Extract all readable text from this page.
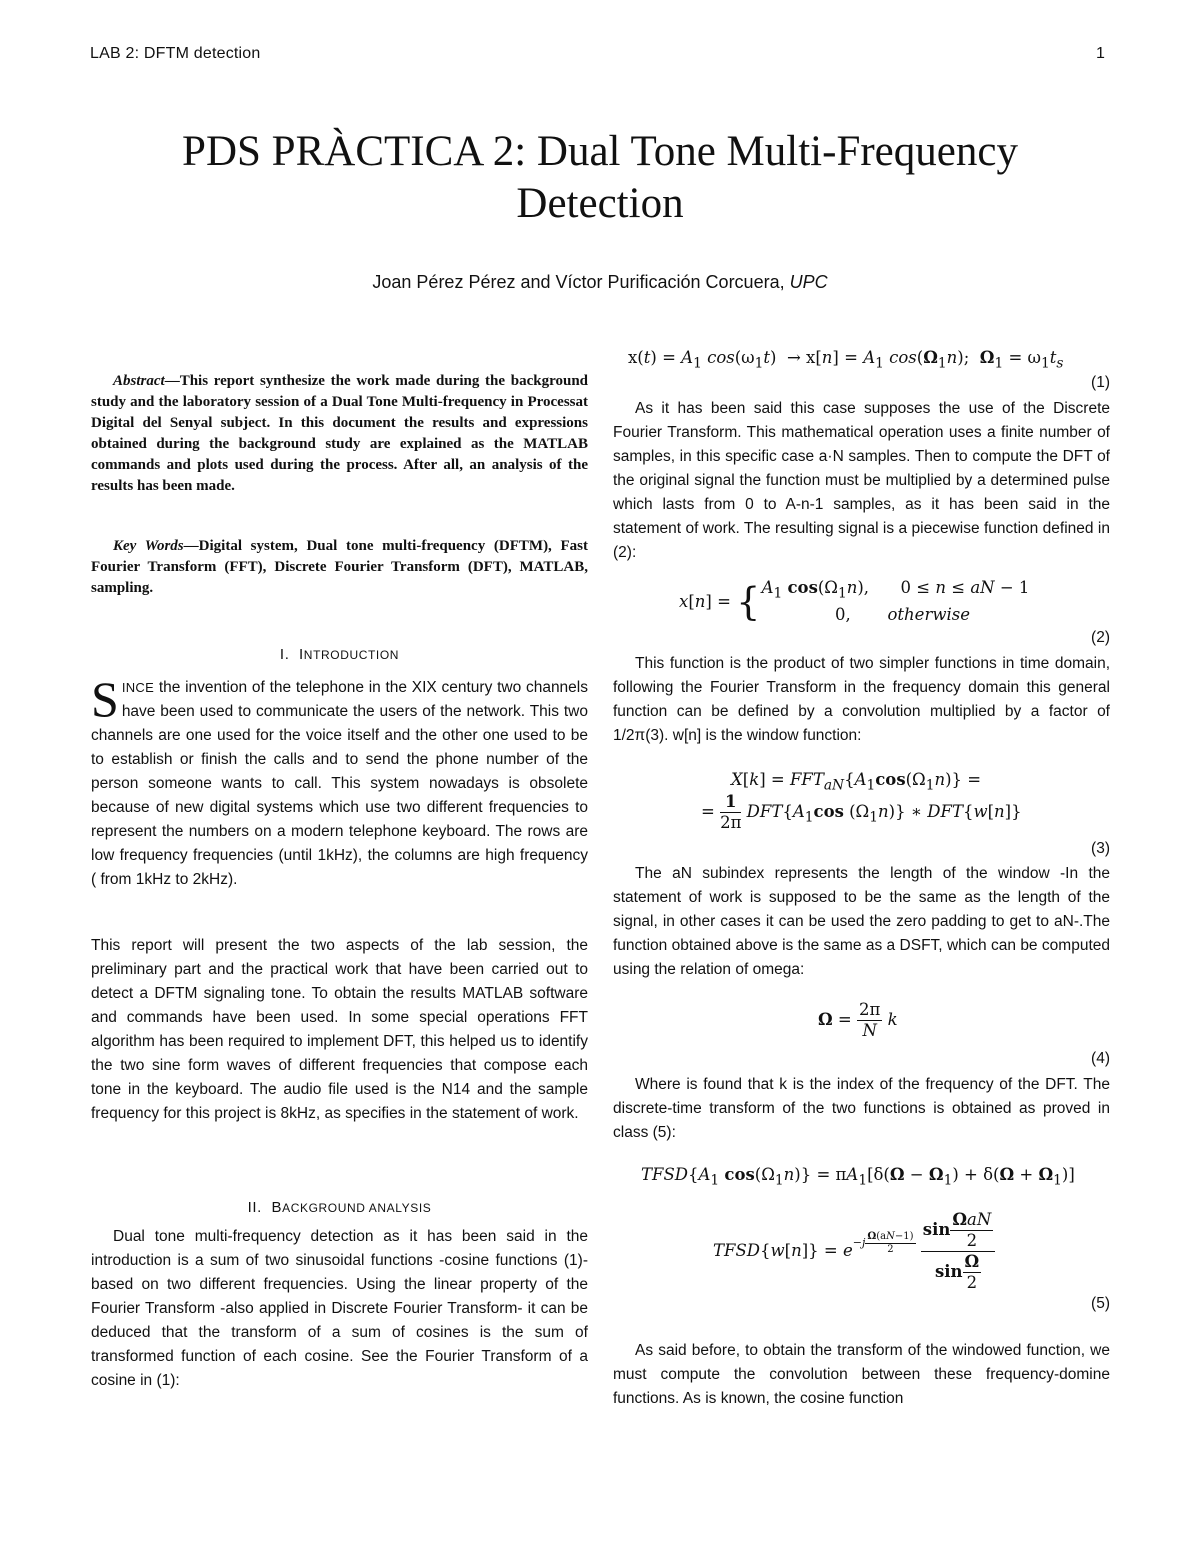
LAB 2: DFTM detection	1
PDS PRÀCTICA 2: Dual Tone Multi-Frequency
Detection
Joan Pérez Pérez and Víctor Purificación Corcuera, UPC
Abstract—This report synthesize the work made during the background study and the laboratory session of a Dual Tone Multi-frequency in Processat Digital del Senyal subject. In this document the results and expressions obtained during the background study are explained as the MATLAB commands and plots used during the process. After all, an analysis of the results has been made.
Key Words—Digital system, Dual tone multi-frequency (DFTM), Fast Fourier Transform (FFT), Discrete Fourier Transform (DFT), MATLAB, sampling.
I. INTRODUCTION
SINCE the invention of the telephone in the XIX century two channels have been used to communicate the users of the network. This two channels are one used for the voice itself and the other one used to be to establish or finish the calls and to send the phone number of the person someone wants to call. This system nowadays is obsolete because of new digital systems which use two different frequencies to represent the numbers on a modern telephone keyboard. The rows are low frequency frequencies (until 1kHz), the columns are high frequency ( from 1kHz to 2kHz).
This report will present the two aspects of the lab session, the preliminary part and the practical work that have been carried out to detect a DFTM signaling tone. To obtain the results MATLAB software and commands have been used. In some special operations FFT algorithm has been required to implement DFT, this helped us to identify the two sine form waves of different frequencies that compose each tone in the keyboard. The audio file used is the N14 and the sample frequency for this project is 8kHz, as specifies in the statement of work.
II. BACKGROUND ANALYSIS
Dual tone multi-frequency detection as it has been said in the introduction is a sum of two sinusoidal functions -cosine functions (1)- based on two different frequencies. Using the linear property of the Fourier Transform -also applied in Discrete Fourier Transform- it can be deduced that the transform of a sum of cosines is the sum of transformed function of each cosine. See the Fourier Transform of a cosine in (1):
$x(t) = A_1$ $\cos(\omega_1t) \to x[n] = A_1$ $\cos(\Omega_1n)$;  $\Omega_1 = \omega_1t_s$
(1)
As it has been said this case supposes the use of the Discrete Fourier Transform. This mathematical operation uses a finite number of samples, in this specific case a·N samples. Then to compute the DFT of the original signal the function must be multiplied by a determined pulse which lasts from 0 to A-n-1 samples, as it has been said in the statement of work. The resulting signal is a piecewise function defined in (2):
x[n] = { $A_1$ $\cos(\Omega_1n)$,      0 ≤ n ≤ aN − 1
0,       otherwise
(2)
This function is the product of two simpler functions in time domain, following the Fourier Transform in the frequency domain this general function can be defined by a convolution multiplied by a factor of 1/2π(3). w[n] is the window function:
$X[k] = FFT_{aN}\{A_1\cos(\Omega_1n)\}$ =
= $\frac{1}{2\pi} DFT\{A_1\cos$ $(\Omega_1n)$} ∗ DFT{w[n]}
(3)
The aN subindex represents the length of the window -In the statement of work is supposed to be the same as the length of the signal, in other cases it can be used the zero padding to get to aN-.The function obtained above is the same as a DSFT, which can be computed using the relation of omega:
$\Omega = \frac{2\pi}{N}$ k
(4)
Where is found that k is the index of the frequency of the DFT. The discrete-time transform of the two functions is obtained as proved in class (5):
$TFSD\{A_1$ $\cos(\Omega_1n)\} = \pi A_1[\delta(\Omega - \Omega_1) + \delta(\Omega + \Omega_1)]$
TFSD{w[n]} = $e^{-j \frac{\Omega(aN-1)}{2}}$
$\frac{\sin \frac{\text{ΩaN}}{2}}{\sin \frac{\Omega}{2}}$
(5)
As said before, to obtain the transform of the windowed function, we must compute the convolution between these frequency-domine functions. As is known, the cosine function
